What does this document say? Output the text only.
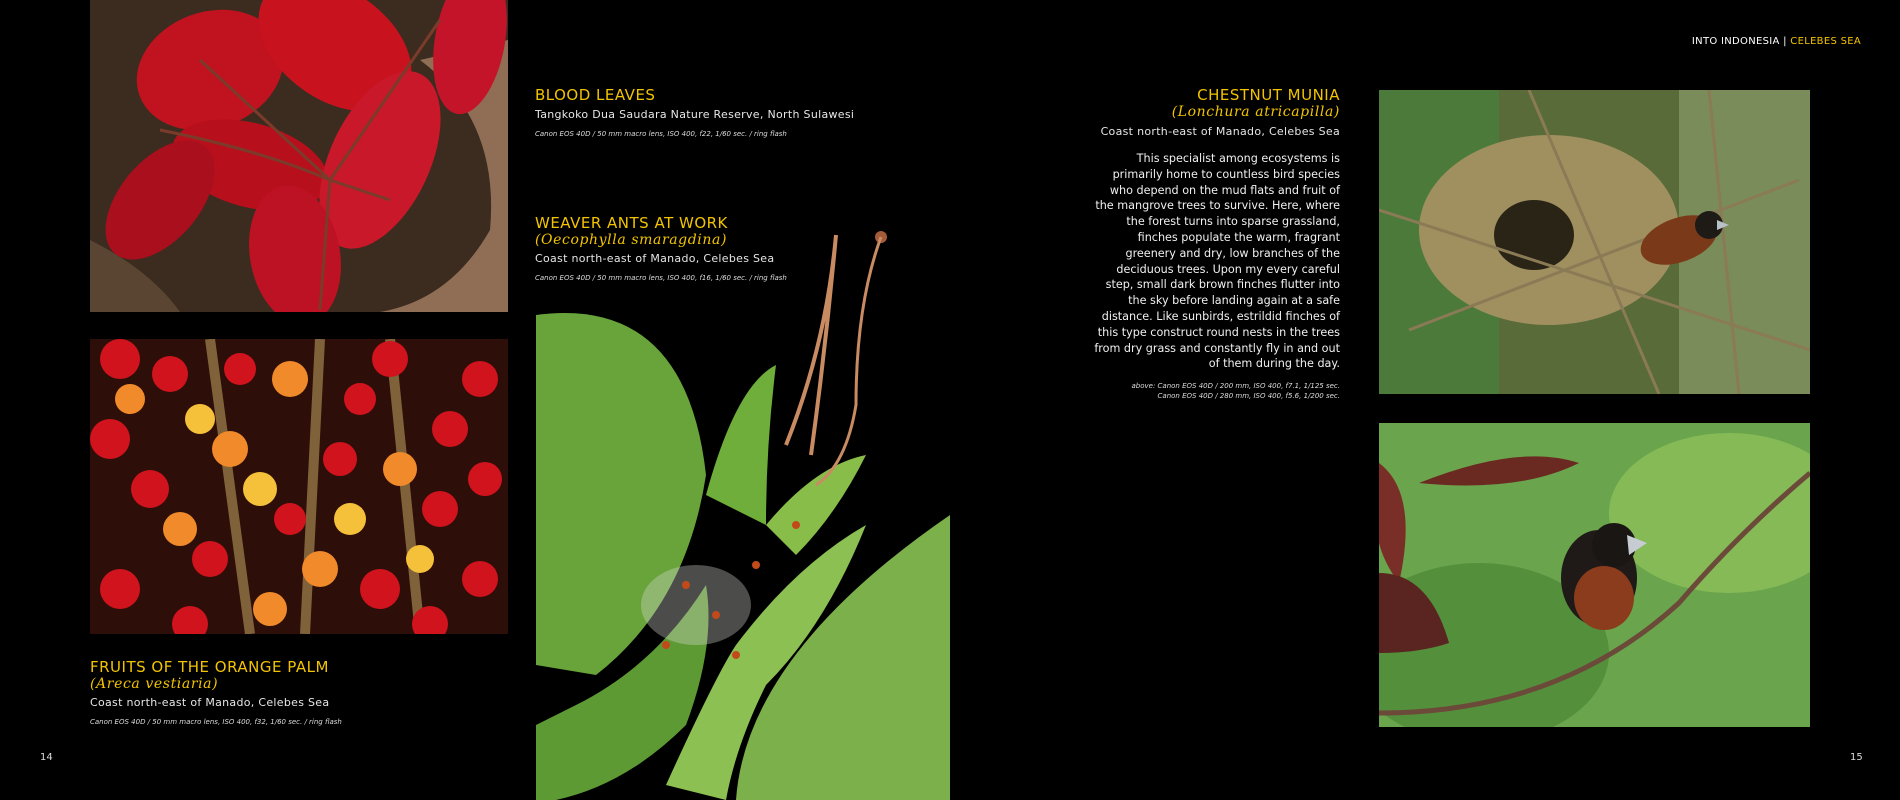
INTO INDONESIA | CELEBES SEA
14	15
BLOOD LEAVES
Tangkoko Dua Saudara Nature Reserve, North Sulawesi
Canon EOS 40D / 50 mm macro lens, ISO 400, f22, 1/60 sec. / ring flash
WEAVER ANTS AT WORK
(Oecophylla smaragdina)
Coast north-east of Manado, Celebes Sea
Canon EOS 40D / 50 mm macro lens, ISO 400, f16, 1/60 sec. / ring flash
FRUITS OF THE ORANGE PALM
(Areca vestiaria)
Coast north-east of Manado, Celebes Sea
Canon EOS 40D / 50 mm macro lens, ISO 400, f32, 1/60 sec. / ring flash
CHESTNUT MUNIA
(Lonchura atricapilla)
Coast north-east of Manado, Celebes Sea
This specialist among ecosystems is primarily home to countless bird species who depend on the mud flats and fruit of the mangrove trees to survive. Here, where the forest turns into sparse grassland, finches populate the warm, fragrant greenery and dry, low branches of the deciduous trees. Upon my every careful step, small dark brown finches flutter into the sky before landing again at a safe distance. Like sunbirds, estrildid finches of this type construct round nests in the trees from dry grass and constantly fly in and out of them during the day.
above: Canon EOS 40D / 200 mm, ISO 400, f7.1, 1/125 sec.
Canon EOS 40D / 280 mm, ISO 400, f5.6, 1/200 sec.
